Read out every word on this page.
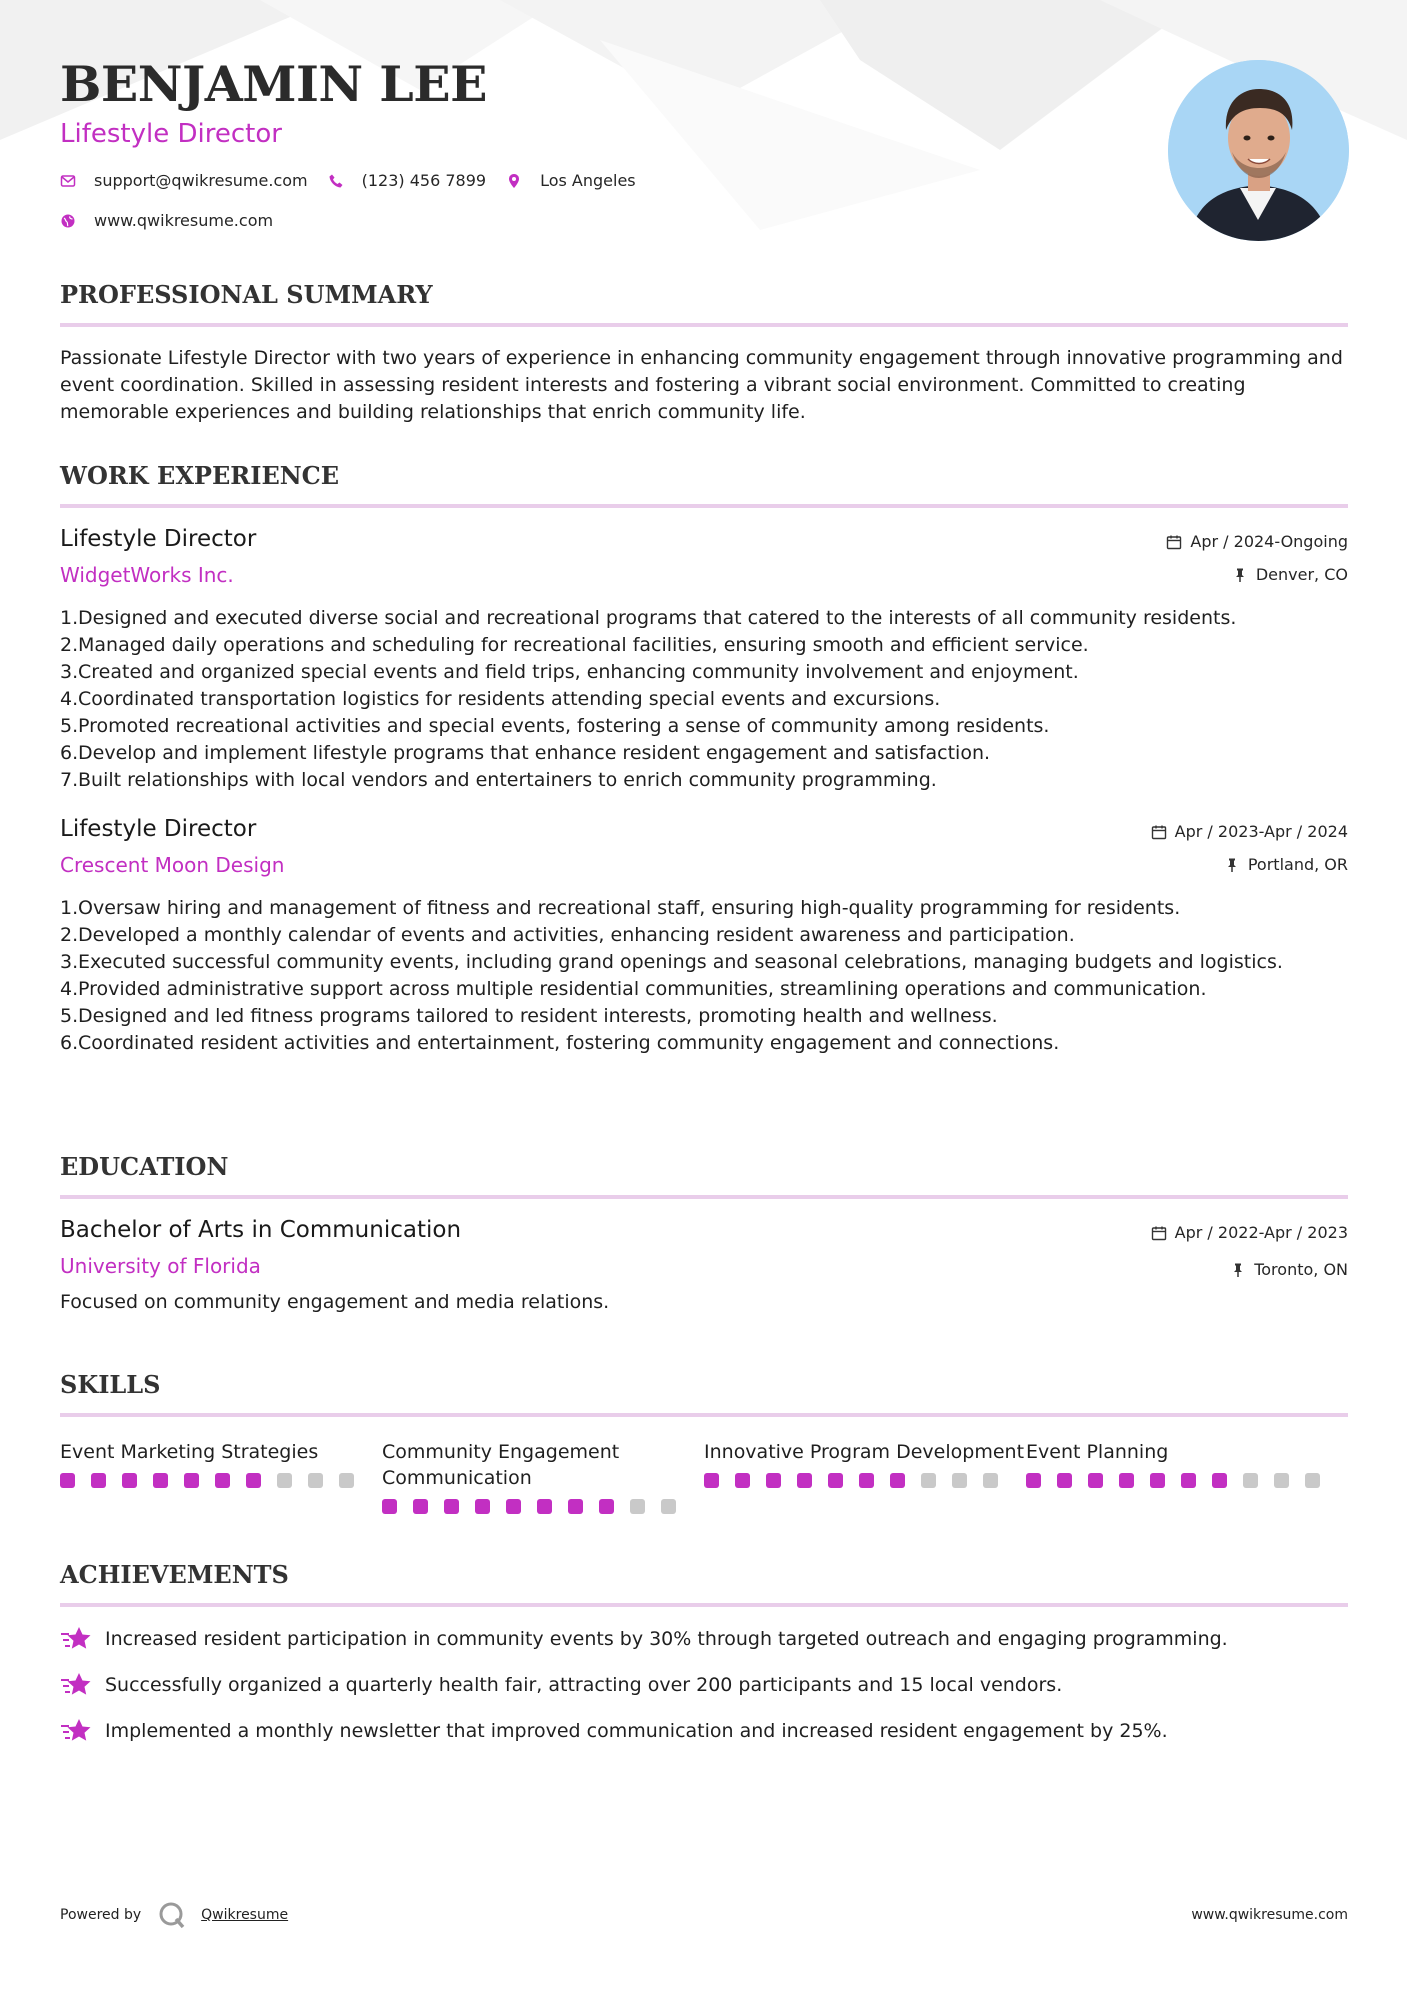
BENJAMIN LEE
Lifestyle Director
support@qwikresume.com	(123) 456 7899	Los Angeles
www.qwikresume.com
PROFESSIONAL SUMMARY
Passionate Lifestyle Director with two years of experience in enhancing community engagement through innovative programming and event coordination. Skilled in assessing resident interests and fostering a vibrant social environment. Committed to creating memorable experiences and building relationships that enrich community life.
WORK EXPERIENCE
Lifestyle Director
WidgetWorks Inc.
Apr / 2024-Ongoing
Denver, CO
1. Designed and executed diverse social and recreational programs that catered to the interests of all community residents.
2. Managed daily operations and scheduling for recreational facilities, ensuring smooth and efficient service.
3. Created and organized special events and field trips, enhancing community involvement and enjoyment.
4. Coordinated transportation logistics for residents attending special events and excursions.
5. Promoted recreational activities and special events, fostering a sense of community among residents.
6. Develop and implement lifestyle programs that enhance resident engagement and satisfaction.
7. Built relationships with local vendors and entertainers to enrich community programming.
Lifestyle Director
Crescent Moon Design
Apr / 2023-Apr / 2024
Portland, OR
1. Oversaw hiring and management of fitness and recreational staff, ensuring high-quality programming for residents.
2. Developed a monthly calendar of events and activities, enhancing resident awareness and participation.
3. Executed successful community events, including grand openings and seasonal celebrations, managing budgets and logistics.
4. Provided administrative support across multiple residential communities, streamlining operations and communication.
5. Designed and led fitness programs tailored to resident interests, promoting health and wellness.
6. Coordinated resident activities and entertainment, fostering community engagement and connections.
EDUCATION
Bachelor of Arts in Communication
University of Florida
Apr / 2022-Apr / 2023
Toronto, ON
Focused on community engagement and media relations.
SKILLS
Event Marketing Strategies	Community Engagement Communication
Innovative Program Development Event Planning
ACHIEVEMENTS
Increased resident participation in community events by 30% through targeted outreach and engaging programming.
Successfully organized a quarterly health fair, attracting over 200 participants and 15 local vendors.
Implemented a monthly newsletter that improved communication and increased resident engagement by 25%.
Powered by	Qwikresume	www.qwikresume.com
